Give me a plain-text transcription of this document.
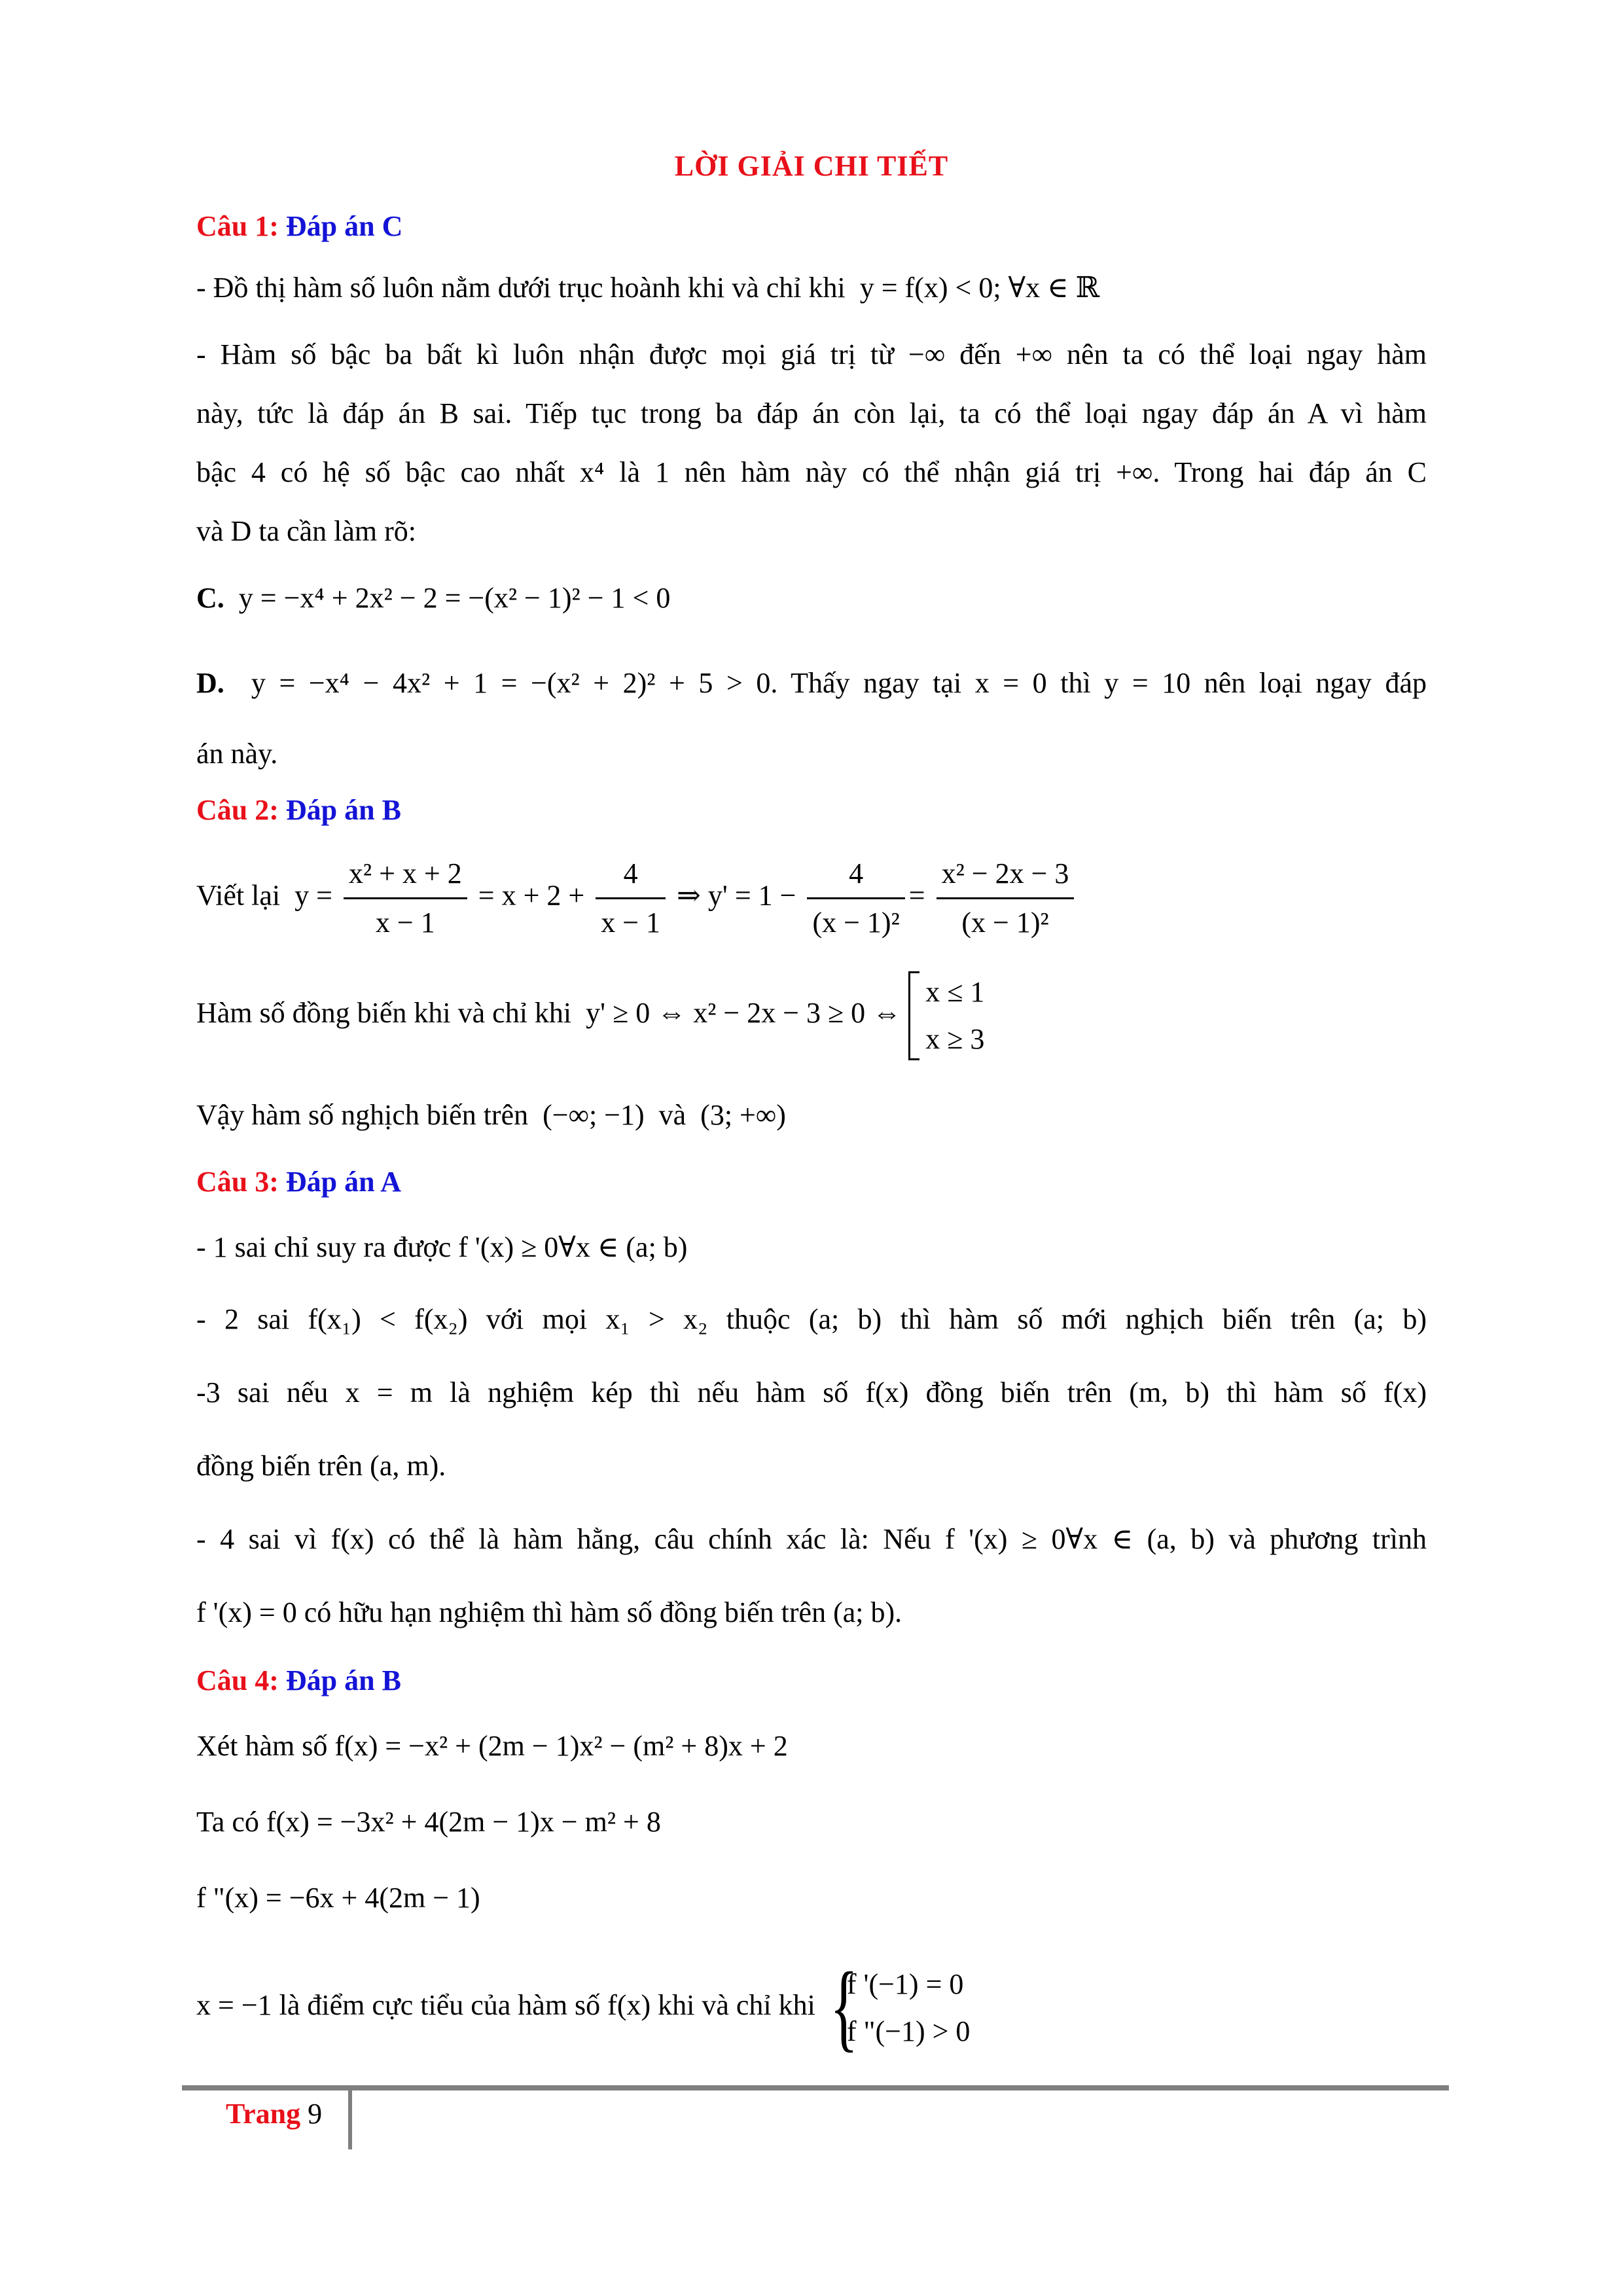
LỜI GIẢI CHI TIẾT
Câu 1: Đáp án C
- Đồ thị hàm số luôn nằm dưới trục hoành khi và chỉ khi y = f(x) < 0; ∀x ∈ ℝ
- Hàm số bậc ba bất kì luôn nhận được mọi giá trị từ −∞ đến +∞ nên ta có thể loại ngay hàm
này, tức là đáp án B sai. Tiếp tục trong ba đáp án còn lại, ta có thể loại ngay đáp án A vì hàm
bậc 4 có hệ số bậc cao nhất x⁴ là 1 nên hàm này có thể nhận giá trị +∞. Trong hai đáp án C
và D ta cần làm rõ:
C. y = −x⁴ + 2x² − 2 = −(x² − 1)² − 1 < 0
D. y = −x⁴ − 4x² + 1 = −(x² + 2)² + 5 > 0. Thấy ngay tại x = 0 thì y = 10 nên loại ngay đáp
án này.
Câu 2: Đáp án B
Viết lại  $y = \frac{\text{x² + x + 2}}{x - 1} = x + 2 + \frac{4}{x - 1}$ ⇒ $y' = 1 - \frac{4}{\text{(x − 1)²}} = \frac{\text{x² − 2x − 3}}{\text{(x − 1)²}}$
Hàm số đồng biến khi và chỉ khi y' ≥ 0 ⇔ x² − 2x − 3 ≥ 0 ⇔
x ≤ 1
x ≥ 3
Vậy hàm số nghịch biến trên (−∞; −1) và (3; +∞)
Câu 3: Đáp án A
- 1 sai chỉ suy ra được f '(x) ≥ 0∀x ∈ (a; b)
- 2 sai f(x₁) < f(x₂) với mọi x₁ > x₂ thuộc (a; b) thì hàm số mới nghịch biến trên (a; b)
-3 sai nếu x = m là nghiệm kép thì nếu hàm số f(x) đồng biến trên (m, b) thì hàm số f(x)
đồng biến trên (a, m).
- 4 sai vì f(x) có thể là hàm hằng, câu chính xác là: Nếu f '(x) ≥ 0∀x ∈ (a, b) và phương trình
f '(x) = 0 có hữu hạn nghiệm thì hàm số đồng biến trên (a; b).
Câu 4: Đáp án B
Xét hàm số f(x) = −x² + (2m − 1)x² − (m² + 8)x + 2
Ta có f(x) = −3x² + 4(2m − 1)x − m² + 8
f "(x) = −6x + 4(2m − 1)
x = −1 là điểm cực tiểu của hàm số f(x) khi và chỉ khi {
f '(−1) = 0
f "(−1) > 0
Trang 9
